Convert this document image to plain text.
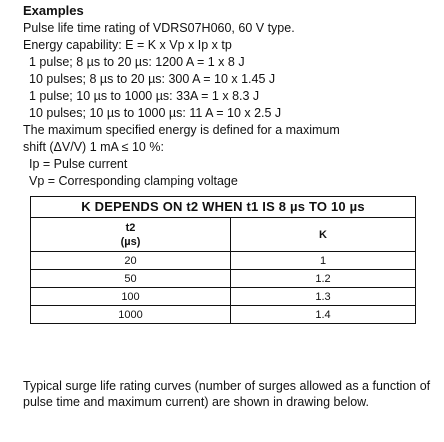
Examples
Pulse life time rating of VDRS07H060, 60 V type.
Energy capability: E = K x Vp x Ip x tp
1 pulse; 8 µs to 20 µs: 1200 A = 1 x 8 J
10 pulses; 8 µs to 20 µs: 300 A = 10 x 1.45 J
1 pulse; 10 µs to 1000 µs: 33A = 1 x 8.3 J
10 pulses; 10 µs to 1000 µs: 11 A = 10 x 2.5 J
The maximum specified energy is defined for a maximum
shift (ΔV/V) 1 mA ≤ 10 %:
Ip = Pulse current
Vp = Corresponding clamping voltage
K DEPENDS ON t2 WHEN t1 IS 8 µs TO 10 µs	

t2
(µs)	K
20	1
50	1.2
100	1.3
1000	1.4
Typical surge life rating curves (number of surges allowed as a function of pulse time and maximum current) are shown in drawing below.
